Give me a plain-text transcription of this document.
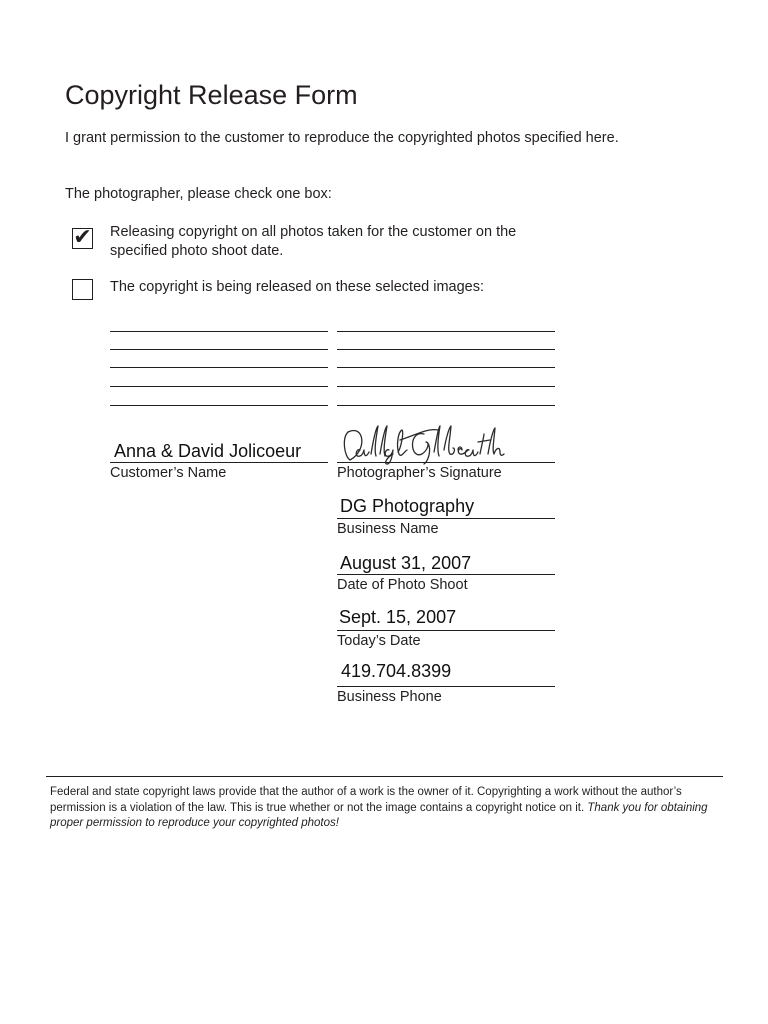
Copyright Release Form
I grant permission to the customer to reproduce the copyrighted photos specified here.
The photographer, please check one box:
✔ Releasing copyright on all photos taken for the customer on the specified photo shoot date.
The copyright is being released on these selected images:
Anna & David Jolicoeur
Customer’s Name	Photographer’s Signature
DG Photography
Business Name
August 31, 2007
Date of Photo Shoot
Sept. 15, 2007
Today’s Date
419.704.8399
Business Phone
Federal and state copyright laws provide that the author of a work is the owner of it. Copyrighting a work without the author’s permission is a violation of the law. This is true whether or not the image contains a copyright notice on it. Thank you for obtaining proper permission to reproduce your copyrighted photos!
